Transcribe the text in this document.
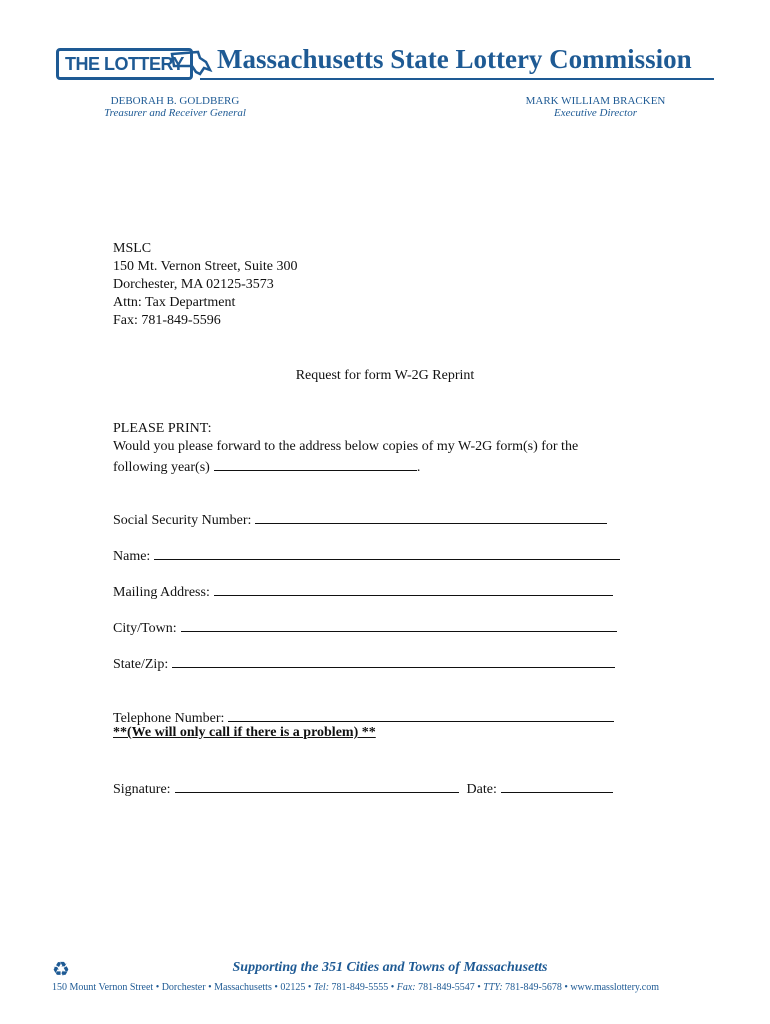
THE LOTTERY	Massachusetts State Lottery Commission
DEBORAH B. GOLDBERG
Treasurer and Receiver General
MARK WILLIAM BRACKEN
Executive Director
MSLC
150 Mt. Vernon Street, Suite 300
Dorchester, MA 02125-3573
Attn: Tax Department
Fax: 781-849-5596
Request for form W-2G Reprint
PLEASE PRINT:
Would you please forward to the address below copies of my W-2G form(s) for the
following year(s)	.
Social Security Number:
Name:
Mailing Address:
City/Town:
State/Zip:
Telephone Number:
**(We will only call if there is a problem) **
Signature:	Date:
♻	Supporting the 351 Cities and Towns of Massachusetts
150 Mount Vernon Street • Dorchester • Massachusetts • 02125 • Tel: 781-849-5555 • Fax: 781-849-5547 • TTY: 781-849-5678 • www.masslottery.com
